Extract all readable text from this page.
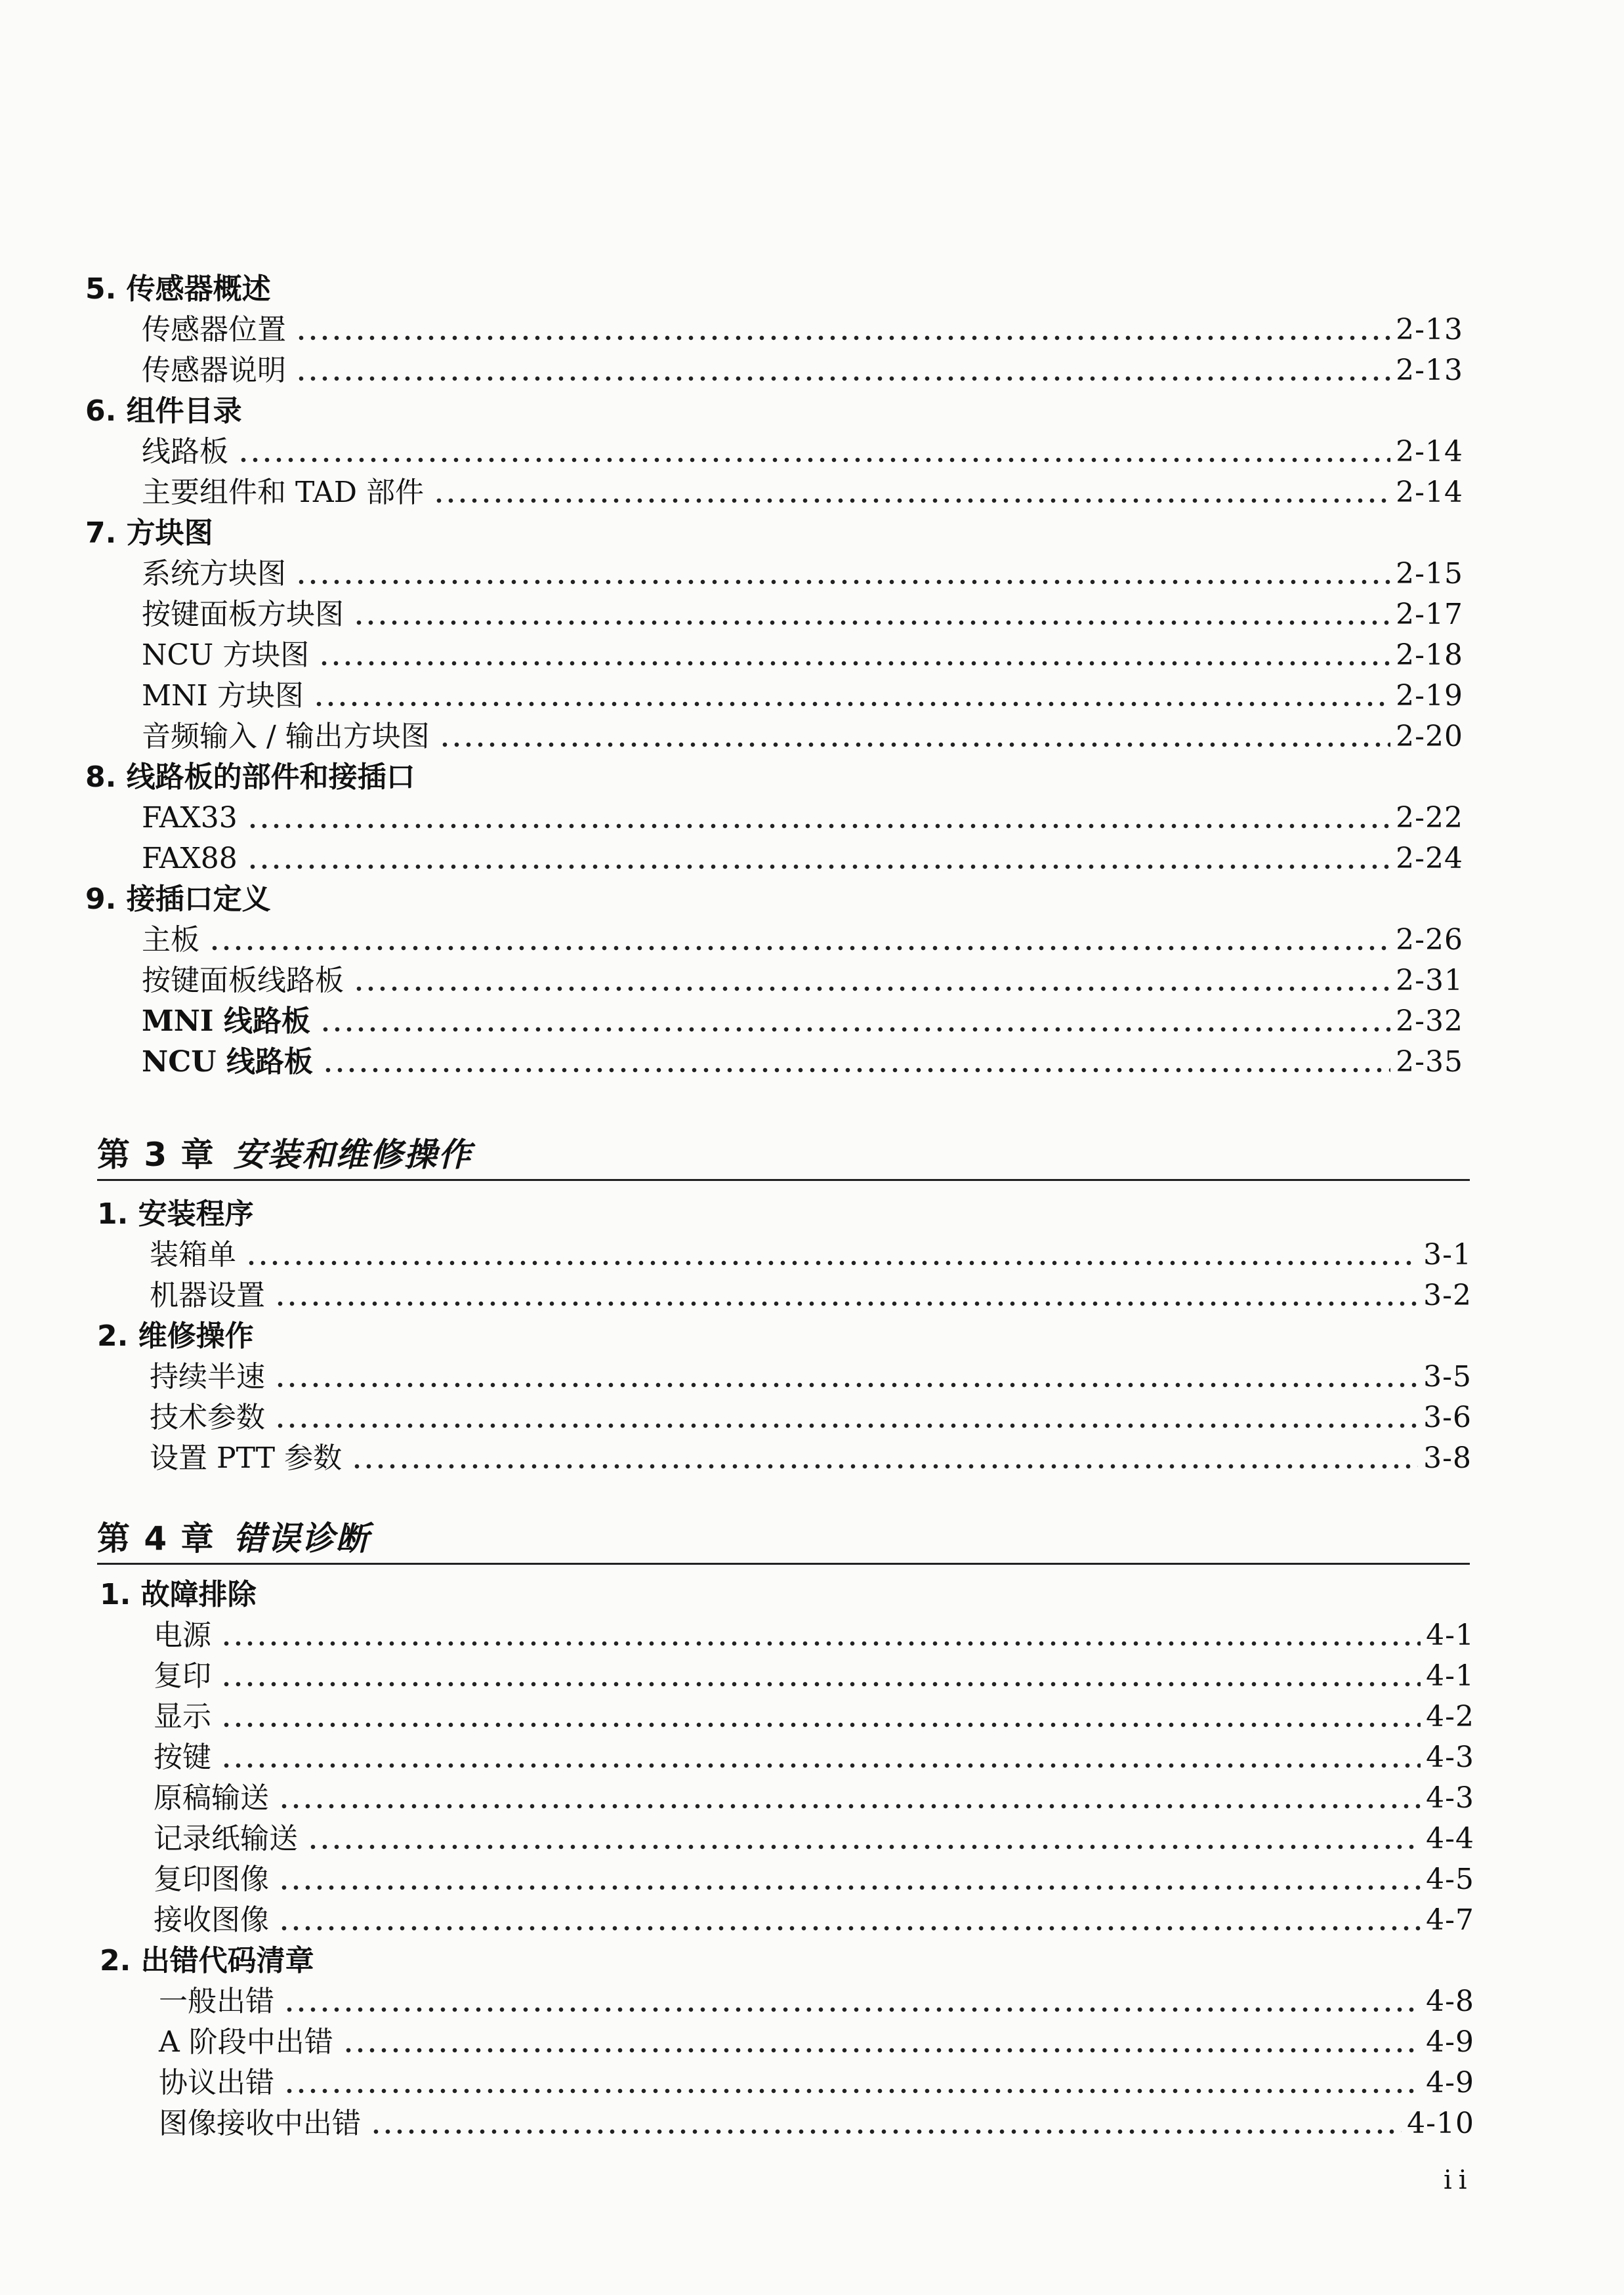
5. 传感器概述
传感器位置	2-13
传感器说明	2-13
6. 组件目录
线路板	2-14
主要组件和 TAD 部件	2-14
7. 方块图
系统方块图	2-15
按键面板方块图	2-17
NCU 方块图	2-18
MNI 方块图	2-19
音频输入 / 输出方块图	2-20
8. 线路板的部件和接插口
FAX33	2-22
FAX88	2-24
9. 接插口定义
主板	2-26
按键面板线路板	2-31
MNI 线路板	2-32
NCU 线路板	2-35
第 3 章 安装和维修操作
1. 安装程序
装箱单	3-1
机器设置	3-2
2. 维修操作
持续半速	3-5
技术参数	3-6
设置 PTT 参数	3-8
第 4 章 错误诊断
1. 故障排除
电源	4-1
复印	4-1
显示	4-2
按键	4-3
原稿输送	4-3
记录纸输送	4-4
复印图像	4-5
接收图像	4-7
2. 出错代码清章
一般出错	4-8
A 阶段中出错	4-9
协议出错	4-9
图像接收中出错	4-10
ii
